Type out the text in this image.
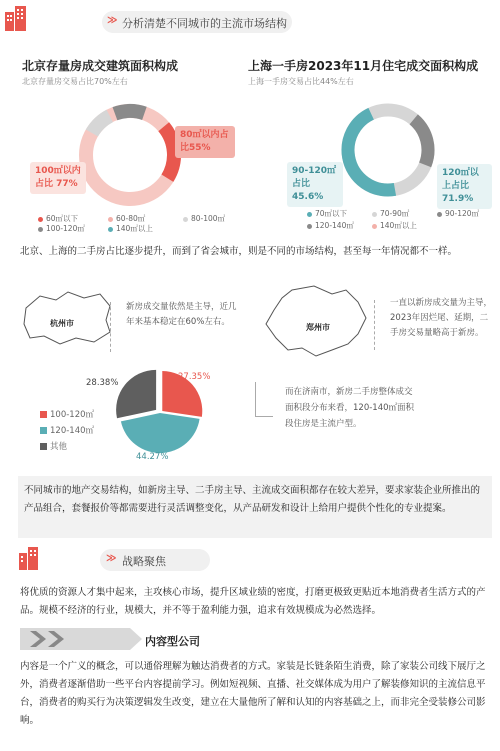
≫ 分析清楚不同城市的主流市场结构
北京存量房成交建筑面积构成
北京存量房交易占比70%左右
80㎡以内占比55%
100㎡以内占比 77%
60㎡以下	60-80㎡	80-100㎡
100-120㎡	140㎡以上
上海一手房2023年11月住宅成交面积构成
上海一手房交易占比44%左右
90-120㎡占比45.6%
120㎡以上占比71.9%
70㎡以下	70-90㎡	90-120㎡
120-140㎡	140㎡以上
北京、上海的二手房占比逐步提升，而到了省会城市，则是不同的市场结构，甚至每一年情况都不一样。
杭州市
新房成交量依然是主导，近几年来基本稳定在60%左右。
郑州市
一直以新房成交量为主导，2023年因烂尾、延期，二手房交易量略高于新房。
28.38%
27.35%
44.27%
100-120㎡
120-140㎡
其他
而在济南市，新房二手房整体成交面积段分布来看，120-140㎡面积段住房是主流户型。
不同城市的地产交易结构，如新房主导、二手房主导、主流成交面积都存在较大差异，要求家装企业所推出的产品组合，套餐报价等都需要进行灵活调整变化，从产品研发和设计上给用户提供个性化的专业提案。
≫ 战略聚焦
将优质的资源人才集中起来，主攻核心市场，提升区域业绩的密度，打磨更极致更贴近本地消费者生活方式的产品。规模不经济的行业，规模大，并不等于盈利能力强，追求有效规模成为必然选择。
内容型公司
内容是一个广义的概念，可以通俗理解为触达消费者的方式。家装是长链条陌生消费，除了家装公司线下展厅之外，消费者逐渐借助一些平台内容提前学习。例如短视频、直播、社交媒体成为用户了解装修知识的主流信息平台，消费者的购买行为决策逻辑发生改变，建立在大量他所了解和认知的内容基础之上，而非完全受装修公司影响。
